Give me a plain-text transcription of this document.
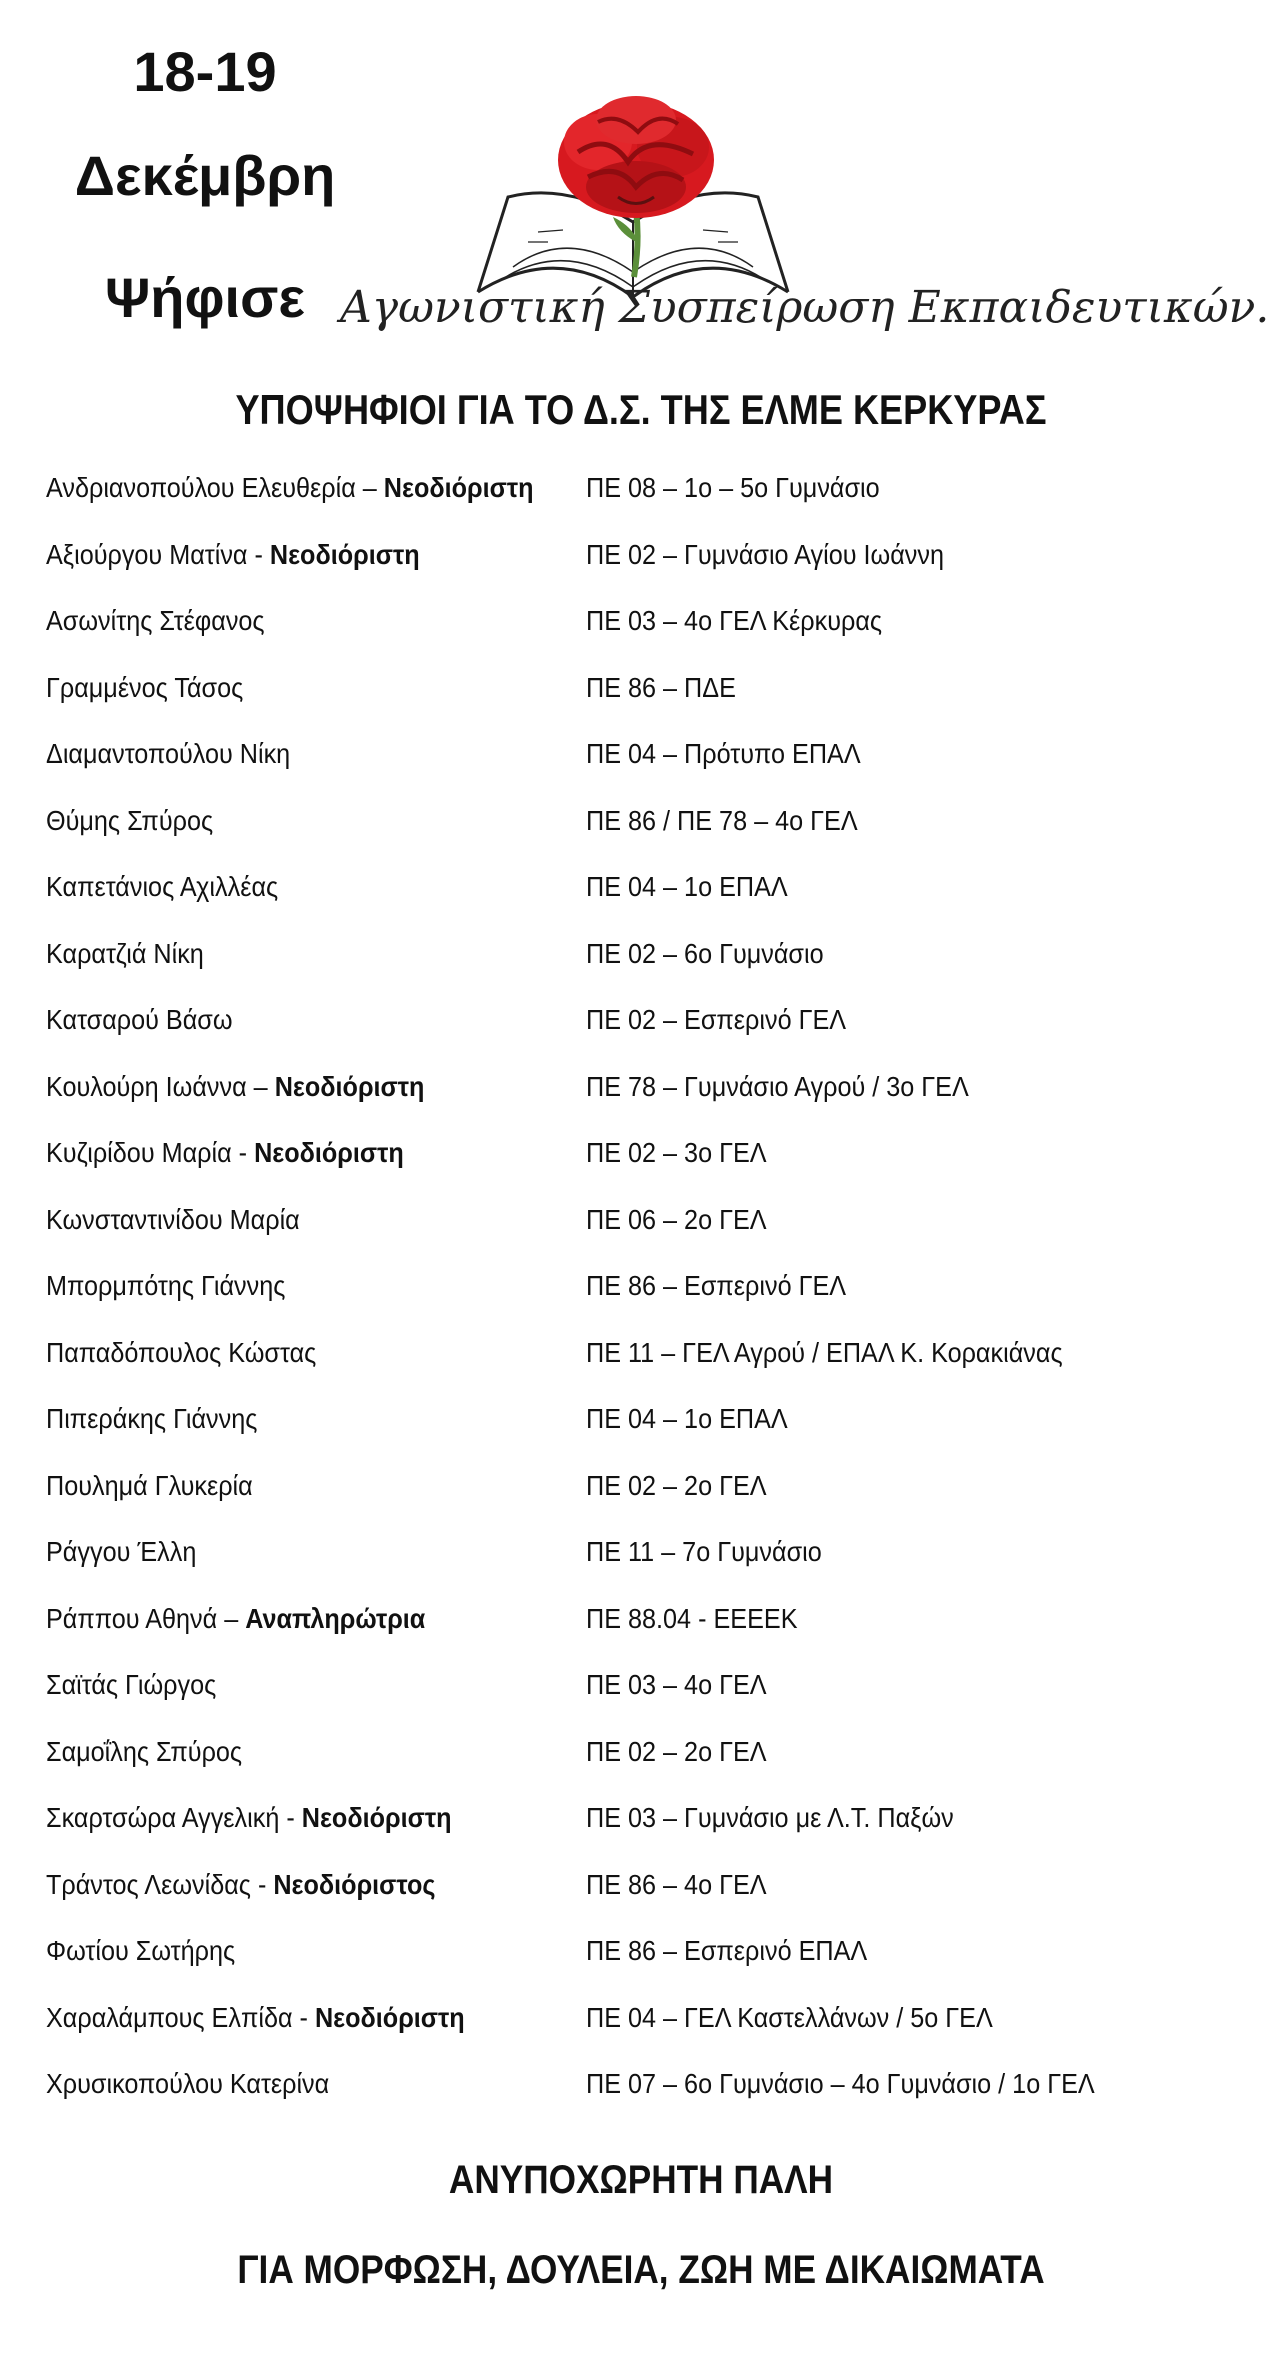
18-19
Δεκέμβρη
Ψήφισε Αγωνιστική Συσπείρωση Εκπαιδευτικών.
ΥΠΟΨΗΦΙΟΙ ΓΙΑ ΤΟ Δ.Σ. ΤΗΣ ΕΛΜΕ ΚΕΡΚΥΡΑΣ
Ανδριανοπούλου Ελευθερία – Νεοδιόριστη ΠΕ 08 – 1ο – 5ο Γυμνάσιο
Αξιούργου Ματίνα - Νεοδιόριστη	ΠΕ 02 – Γυμνάσιο Αγίου Ιωάννη
Ασωνίτης Στέφανος	ΠΕ 03 – 4ο ΓΕΛ Κέρκυρας
Γραμμένος Τάσος	ΠΕ 86 – ΠΔΕ
Διαμαντοπούλου Νίκη	ΠΕ 04 – Πρότυπο ΕΠΑΛ
Θύμης Σπύρος	ΠΕ 86 / ΠΕ 78 – 4ο ΓΕΛ
Καπετάνιος Αχιλλέας	ΠΕ 04 – 1ο ΕΠΑΛ
Καρατζιά Νίκη	ΠΕ 02 – 6ο Γυμνάσιο
Κατσαρού Βάσω	ΠΕ 02 – Εσπερινό ΓΕΛ
Κουλούρη Ιωάννα – Νεοδιόριστη	ΠΕ 78 – Γυμνάσιο Αγρού / 3ο ΓΕΛ
Κυζιρίδου Μαρία - Νεοδιόριστη	ΠΕ 02 – 3ο ΓΕΛ
Κωνσταντινίδου Μαρία	ΠΕ 06 – 2ο ΓΕΛ
Μπορμπότης Γιάννης	ΠΕ 86 – Εσπερινό ΓΕΛ
Παπαδόπουλος Κώστας	ΠΕ 11 – ΓΕΛ Αγρού / ΕΠΑΛ Κ. Κορακιάνας
Πιπεράκης Γιάννης	ΠΕ 04 – 1ο ΕΠΑΛ
Πουλημά Γλυκερία	ΠΕ 02 – 2ο ΓΕΛ
Ράγγου Έλλη	ΠΕ 11 – 7ο Γυμνάσιο
Ράππου Αθηνά – Αναπληρώτρια	ΠΕ 88.04 - ΕΕΕΕΚ
Σαϊτάς Γιώργος	ΠΕ 03 – 4ο ΓΕΛ
Σαμοΐλης Σπύρος	ΠΕ 02 – 2ο ΓΕΛ
Σκαρτσώρα Αγγελική - Νεοδιόριστη	ΠΕ 03 – Γυμνάσιο με Λ.Τ. Παξών
Τράντος Λεωνίδας - Νεοδιόριστος	ΠΕ 86 – 4ο ΓΕΛ
Φωτίου Σωτήρης	ΠΕ 86 – Εσπερινό ΕΠΑΛ
Χαραλάμπους Ελπίδα - Νεοδιόριστη	ΠΕ 04 – ΓΕΛ Καστελλάνων / 5ο ΓΕΛ
Χρυσικοπούλου Κατερίνα	ΠΕ 07 – 6ο Γυμνάσιο – 4ο Γυμνάσιο / 1ο ΓΕΛ
ΑΝΥΠΟΧΩΡΗΤΗ ΠΑΛΗ
ΓΙΑ ΜΟΡΦΩΣΗ, ΔΟΥΛΕΙΑ, ΖΩΗ ΜΕ ΔΙΚΑΙΩΜΑΤΑ
